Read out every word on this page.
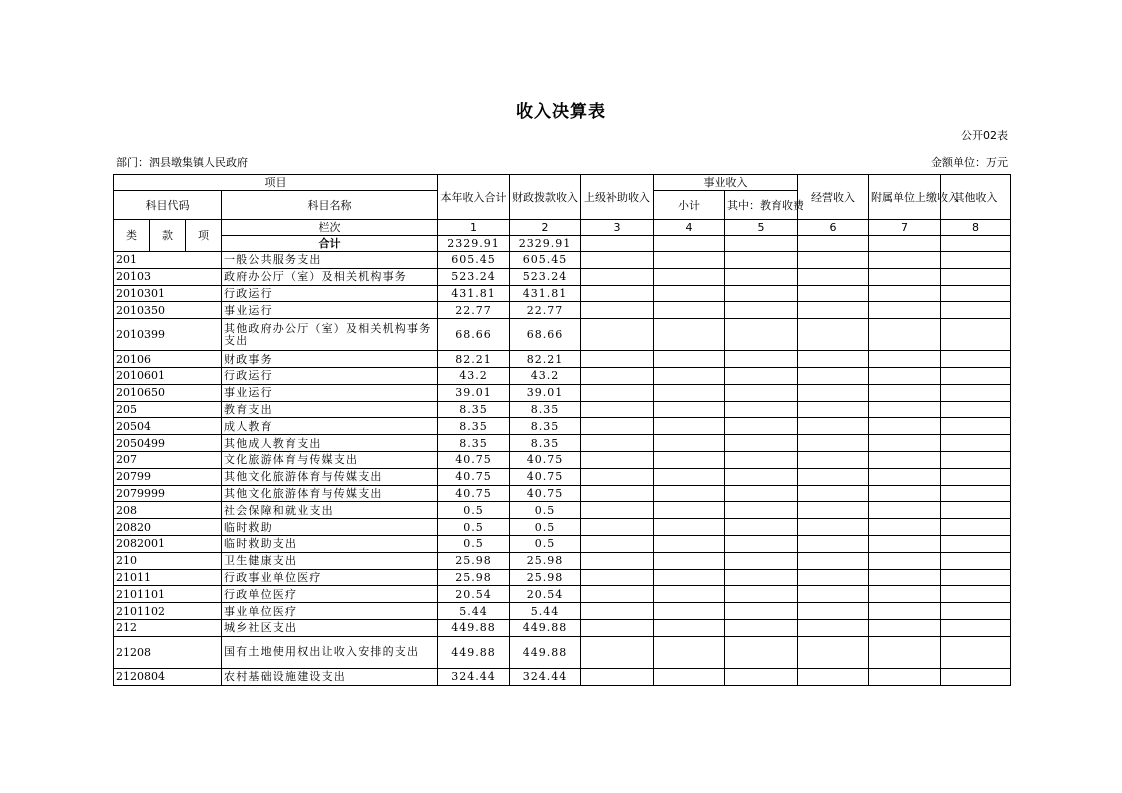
收入决算表
公开02表
部门：泗县墩集镇人民政府	金额单位：万元
项目				本年收入合计	财政拨款收入	上级补助收入	事业收入		经营收入	附属单位上缴收入	其他收入
科目代码			科目名称				小计	其中：教育收费			
类	款	项	栏次	1	2	3	4	5	6	7	8
			合计	2329.91	2329.91						
201			一般公共服务支出	605.45	605.45						
20103			政府办公厅（室）及相关机构事务	523.24	523.24						
2010301			行政运行	431.81	431.81						
2010350			事业运行	22.77	22.77						
2010399			其他政府办公厅（室）及相关机构事务支出	68.66	68.66						
20106			财政事务	82.21	82.21						
2010601			行政运行	43.2	43.2						
2010650			事业运行	39.01	39.01						
205			教育支出	8.35	8.35						
20504			成人教育	8.35	8.35						
2050499			其他成人教育支出	8.35	8.35						
207			文化旅游体育与传媒支出	40.75	40.75						
20799			其他文化旅游体育与传媒支出	40.75	40.75						
2079999			其他文化旅游体育与传媒支出	40.75	40.75						
208			社会保障和就业支出	0.5	0.5						
20820			临时救助	0.5	0.5						
2082001			临时救助支出	0.5	0.5						
210			卫生健康支出	25.98	25.98						
21011			行政事业单位医疗	25.98	25.98						
2101101			行政单位医疗	20.54	20.54						
2101102			事业单位医疗	5.44	5.44						
212			城乡社区支出	449.88	449.88						
21208			国有土地使用权出让收入安排的支出	449.88	449.88						
2120804			农村基础设施建设支出	324.44	324.44						
